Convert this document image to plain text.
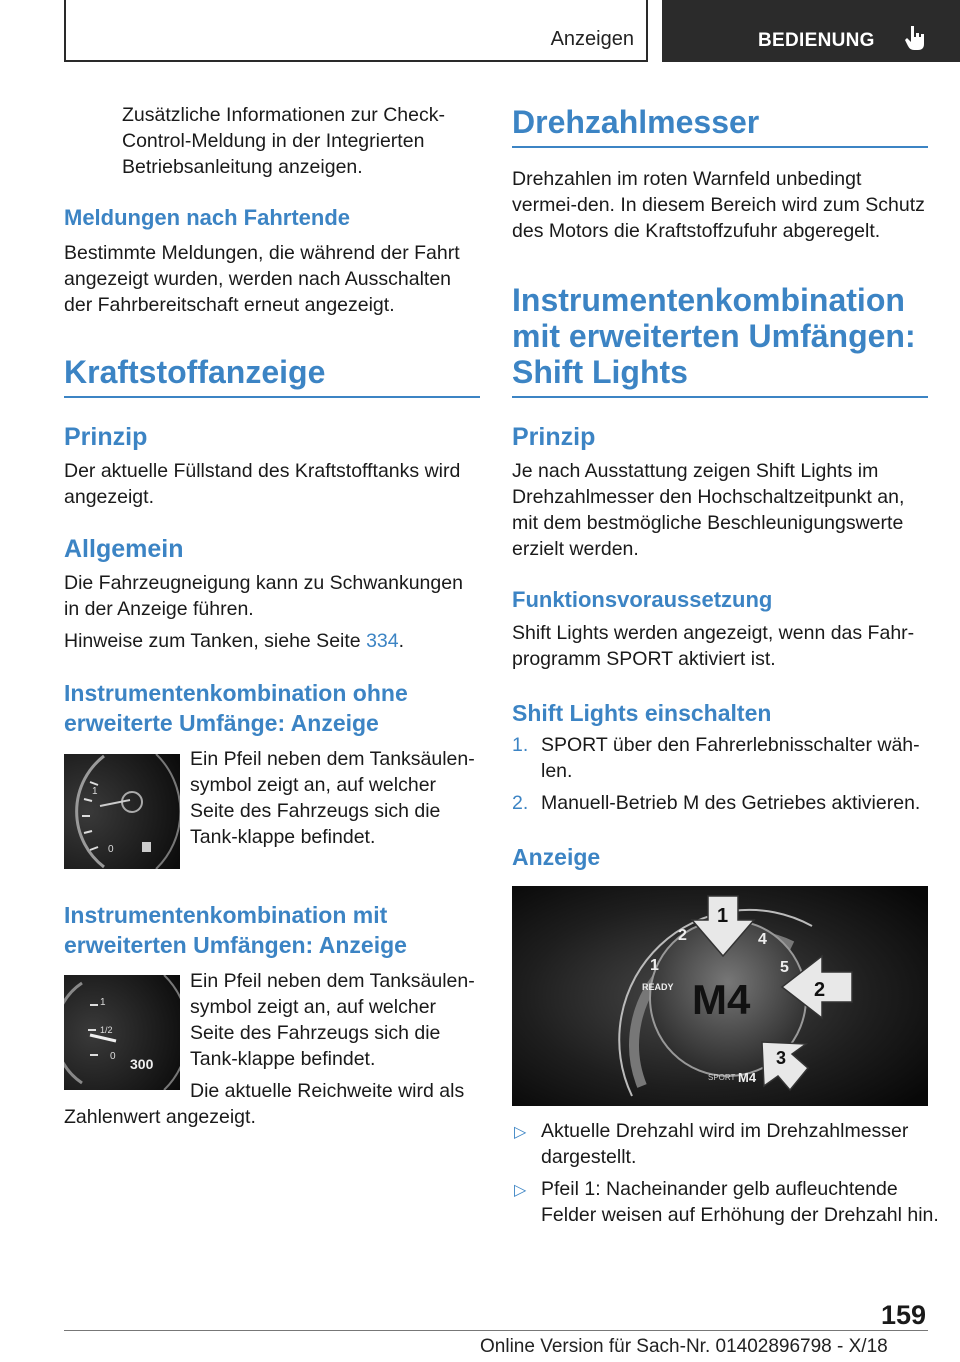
Anzeigen	BEDIENUNG
Zusätzliche Informationen zur Check-Control-Meldung in der Integrierten Betriebsanleitung anzeigen.
Meldungen nach Fahrtende
Bestimmte Meldungen, die während der Fahrt angezeigt wurden, werden nach Ausschalten der Fahrbereitschaft erneut angezeigt.
Kraftstoffanzeige
Prinzip
Der aktuelle Füllstand des Kraftstofftanks wird angezeigt.
Allgemein
Die Fahrzeugneigung kann zu Schwankungen in der Anzeige führen.
Hinweise zum Tanken, siehe Seite 334.
Instrumentenkombination ohne
erweiterte Umfänge: Anzeige
1
0
Ein Pfeil neben dem Tanksäulen-symbol zeigt an, auf welcher Seite des Fahrzeugs sich die Tank-klappe befindet.
Instrumentenkombination mit
erweiterten Umfängen: Anzeige
1
1/2
0 300
Ein Pfeil neben dem Tanksäulen-symbol zeigt an, auf welcher Seite des Fahrzeugs sich die Tank-klappe befindet.
Die aktuelle Reichweite wird als
Zahlenwert angezeigt.
Drehzahlmesser
Drehzahlen im roten Warnfeld unbedingt vermei-den. In diesem Bereich wird zum Schutz des Motors die Kraftstoffzufuhr abgeregelt.
Instrumentenkombination
mit erweiterten Umfängen:
Shift Lights
Prinzip
Je nach Ausstattung zeigen Shift Lights im Drehzahlmesser den Hochschaltzeitpunkt an, mit dem bestmögliche Beschleunigungswerte erzielt werden.
Funktionsvoraussetzung
Shift Lights werden angezeigt, wenn das Fahr-programm SPORT aktiviert ist.
Shift Lights einschalten
1. SPORT über den Fahrerlebnisschalter wäh-
len.
2. Manuell-Betrieb M des Getriebes aktivieren.
Anzeige
M4
READY
1
2	4
5
SPORT M4
1
2
3
▷ Aktuelle Drehzahl wird im Drehzahlmesser
dargestellt.
▷ Pfeil 1: Nacheinander gelb aufleuchtende
Felder weisen auf Erhöhung der Drehzahl hin.
159
Online Version für Sach-Nr. 01402896798 - X/18
